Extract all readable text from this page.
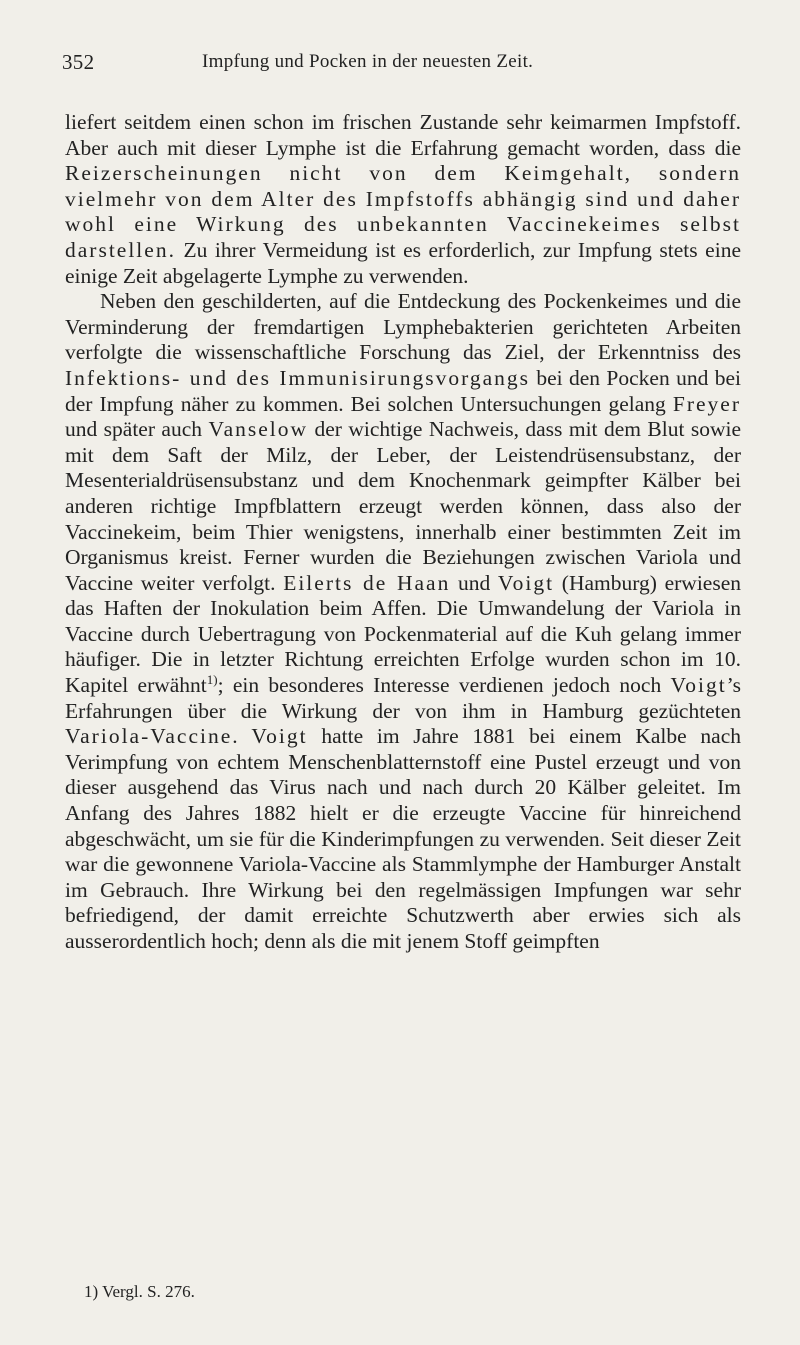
352	Impfung und Pocken in der neuesten Zeit.

liefert seitdem einen schon im frischen Zustande sehr keimarmen Impfstoff. Aber auch mit dieser Lymphe ist die Erfahrung gemacht worden, dass die Reizerscheinungen nicht von dem Keimgehalt, sondern vielmehr von dem Alter des Impfstoffs abhängig sind und daher wohl eine Wirkung des unbekannten Vaccinekeimes selbst darstellen. Zu ihrer Vermeidung ist es erforderlich, zur Impfung stets eine einige Zeit abgelagerte Lymphe zu verwenden.

Neben den geschilderten, auf die Entdeckung des Pockenkeimes und die Verminderung der fremdartigen Lymphebakterien gerichteten Arbeiten verfolgte die wissenschaftliche Forschung das Ziel, der Erkenntniss des Infektions- und des Immunisirungsvorgangs bei den Pocken und bei der Impfung näher zu kommen. Bei solchen Untersuchungen gelang Freyer und später auch Vanselow der wichtige Nachweis, dass mit dem Blut sowie mit dem Saft der Milz, der Leber, der Leistendrüsensubstanz, der Mesenterialdrüsensubstanz und dem Knochenmark geimpfter Kälber bei anderen richtige Impfblattern erzeugt werden können, dass also der Vaccinekeim, beim Thier wenigstens, innerhalb einer bestimmten Zeit im Organismus kreist. Ferner wurden die Beziehungen zwischen Variola und Vaccine weiter verfolgt. Eilerts de Haan und Voigt (Hamburg) erwiesen das Haften der Inokulation beim Affen. Die Umwandelung der Variola in Vaccine durch Uebertragung von Pockenmaterial auf die Kuh gelang immer häufiger. Die in letzter Richtung erreichten Erfolge wurden schon im 10. Kapitel erwähnt$^{1)}$; ein besonderes Interesse verdienen jedoch noch Voigt’s Erfahrungen über die Wirkung der von ihm in Hamburg gezüchteten Variola-Vaccine. Voigt hatte im Jahre 1881 bei einem Kalbe nach Verimpfung von echtem Menschenblatternstoff eine Pustel erzeugt und von dieser ausgehend das Virus nach und nach durch 20 Kälber geleitet. Im Anfang des Jahres 1882 hielt er die erzeugte Vaccine für hinreichend abgeschwächt, um sie für die Kinderimpfungen zu verwenden. Seit dieser Zeit war die gewonnene Variola-Vaccine als Stammlymphe der Hamburger Anstalt im Gebrauch. Ihre Wirkung bei den regelmässigen Impfungen war sehr befriedigend, der damit erreichte Schutzwerth aber erwies sich als ausserordentlich hoch; denn als die mit jenem Stoff geimpften

1) Vergl. S. 276.
